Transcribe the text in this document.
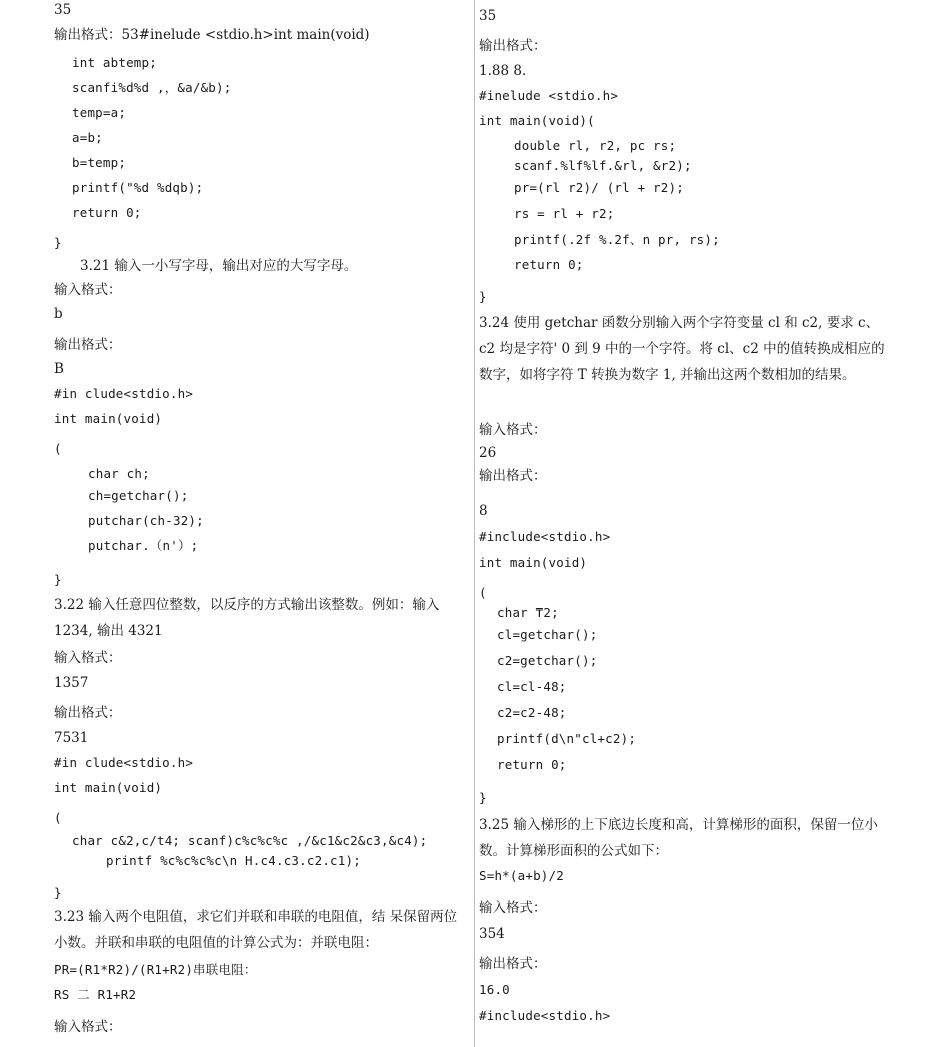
35
输出格式：53#inelude <stdio.h>int main(void)
int abtemp;
scanfi%d%d ,，&a/&b);
temp=a;
a=b;
b=temp;
printf("%d %dqb);
return 0;
}
3.21 输入一小写字母，输出对应的大写字母。
输入格式：
b
输出格式：
B
#in clude<stdio.h>
int main(void)
(
char ch;
ch=getchar();
putchar(ch-32);
putchar.（n'）;
}
3.22 输入任意四位整数，以反序的方式输出该整数。例如：输入 1234, 输出 4321
输入格式：
1357
输出格式：
7531
#in clude<stdio.h>
int main(void)
(
char c&2,c/t4; scanf)c%c%c%c ,/&c1&c2&c3,&c4);
printf %c%c%c%c\n H.c4.c3.c2.c1);
}
3.23 输入两个电阻值，求它们并联和串联的电阻值，结 呆保留两位小数。并联和串联的电阻值的计算公式为：并联电阻：
PR=(R1*R2)/(R1+R2)串联电阻：
RS 二 R1+R2
输入格式：
35
输出格式：
1.88 8.
#inelude <stdio.h>
int main(void)(
double rl, r2, pc rs;
scanf.%lf%lf.&rl, &r2);
pr=(rl r2)/ (rl + r2);
rs = rl + r2;
printf(.2f %.2f、n pr, rs);
return 0;
}
3.24 使用 getchar 函数分别输入两个字符变量 cl 和 c2, 要求 c、c2 均是字符' 0 到 9 中的一个字符。将 cl、c2 中的值转换成相应的数字，如将字符 T 转换为数字 1, 并输出这两个数相加的结果。
输入格式：
26
输出格式：
8
#include<stdio.h>
int main(void)
(
char ₸2;
cl=getchar();
c2=getchar();
cl=cl-48;
c2=c2-48;
printf(d\n"cl+c2);
return 0;
}
3.25 输入梯形的上下底边长度和高，计算梯形的面积，保留一位小数。计算梯形面积的公式如下：
S=h*(a+b)/2
输入格式：
354
输出格式：
16.0
#include<stdio.h>
